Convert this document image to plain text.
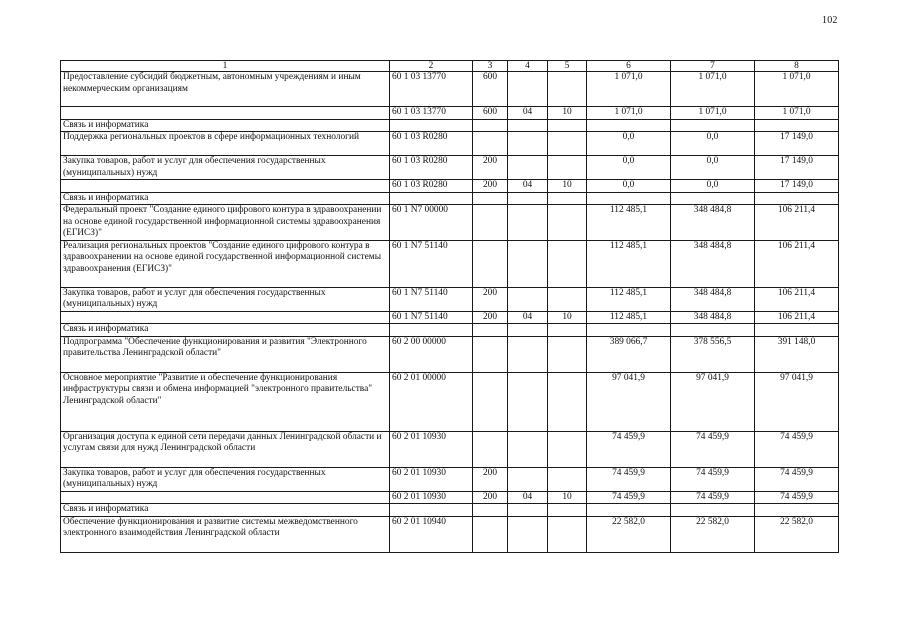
102
1	2	3	4	5	6	7	8
Предоставление субсидий бюджетным, автономным учреждениям и иным некоммерческим организациям	60 1 03 13770	600			1 071,0	1 071,0	1 071,0
	60 1 03 13770	600	04	10	1 071,0	1 071,0	1 071,0
Связь и информатика							
Поддержка региональных проектов в сфере информационных технологий	60 1 03 R0280				0,0	0,0	17 149,0
Закупка товаров, работ и услуг для обеспечения государственных (муниципальных) нужд	60 1 03 R0280	200			0,0	0,0	17 149,0
	60 1 03 R0280	200	04	10	0,0	0,0	17 149,0
Связь и информатика							
Федеральный проект "Создание единого цифрового контура в здравоохранении на основе единой государственной информационной системы здравоохранения (ЕГИСЗ)"	60 1 N7 00000				112 485,1	348 484,8	106 211,4
Реализация региональных проектов "Создание единого цифрового контура в здравоохранении на основе единой государственной информационной системы здравоохранения (ЕГИСЗ)"	60 1 N7 51140				112 485,1	348 484,8	106 211,4
Закупка товаров, работ и услуг для обеспечения государственных (муниципальных) нужд	60 1 N7 51140	200			112 485,1	348 484,8	106 211,4
	60 1 N7 51140	200	04	10	112 485,1	348 484,8	106 211,4
Связь и информатика							
Подпрограмма "Обеспечение функционирования и развития "Электронного правительства Ленинградской области"	60 2 00 00000				389 066,7	378 556,5	391 148,0
Основное мероприятие "Развитие и обеспечение функционирования инфраструктуры связи и обмена информацией "электронного правительства" Ленинградской области"	60 2 01 00000				97 041,9	97 041,9	97 041,9
Организация доступа к единой сети передачи данных Ленинградской области и услугам связи для нужд Ленинградской области	60 2 01 10930				74 459,9	74 459,9	74 459,9
Закупка товаров, работ и услуг для обеспечения государственных (муниципальных) нужд	60 2 01 10930	200			74 459,9	74 459,9	74 459,9
	60 2 01 10930	200	04	10	74 459,9	74 459,9	74 459,9
Связь и информатика							
Обеспечение функционирования и развитие системы межведомственного электронного взаимодействия Ленинградской области	60 2 01 10940				22 582,0	22 582,0	22 582,0
